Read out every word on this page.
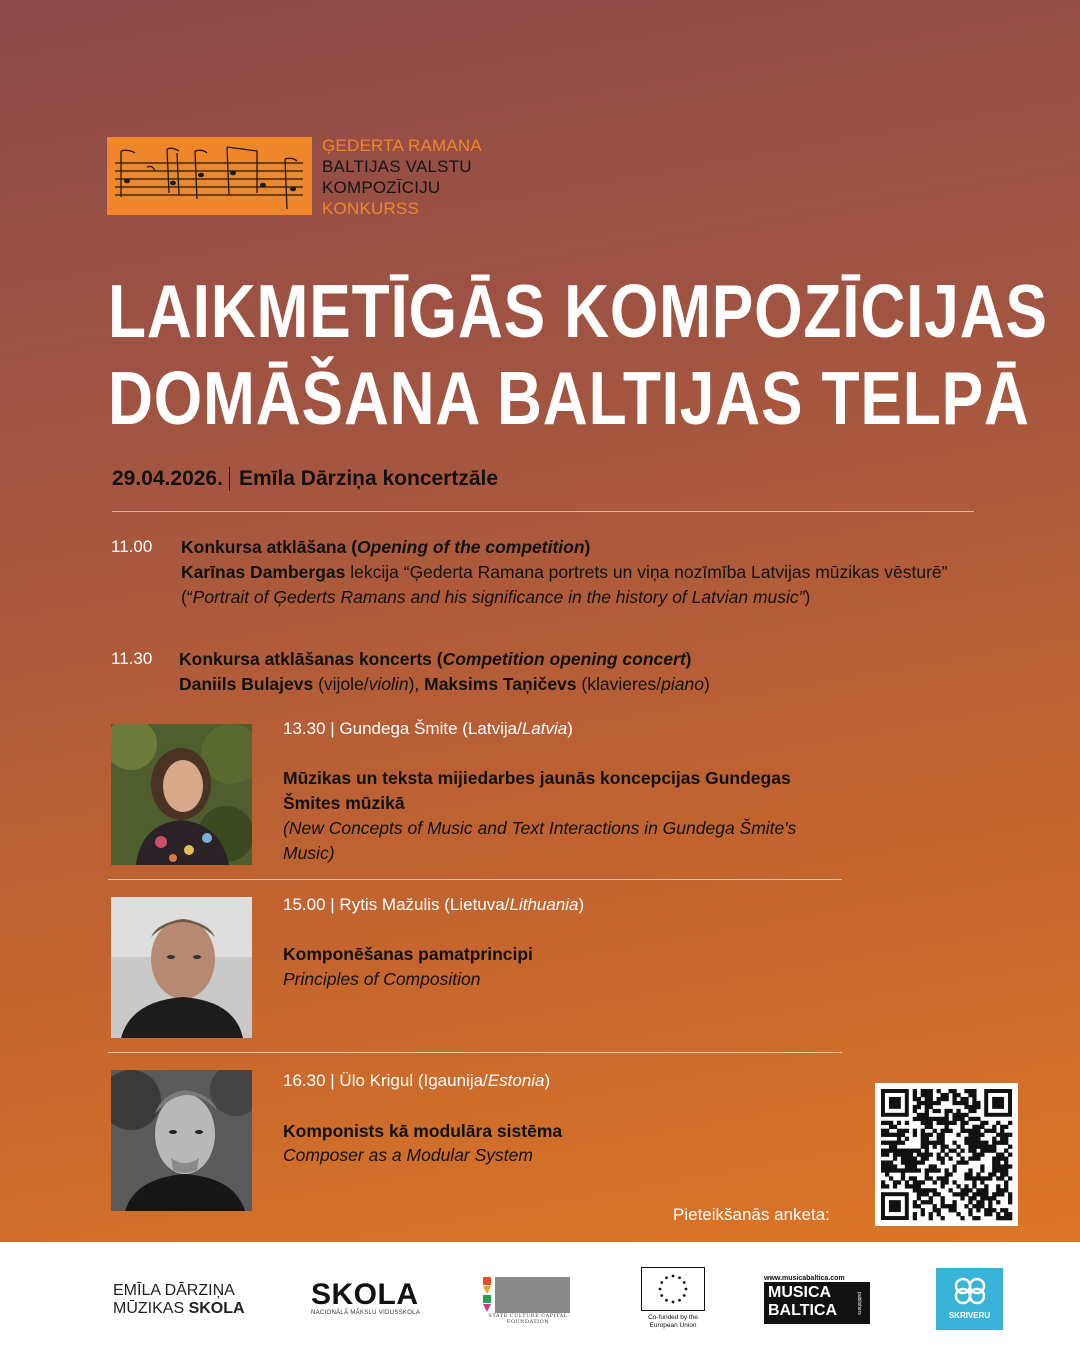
ĢEDERTA RAMANA
BALTIJAS VALSTU
KOMPOZĪCIJU
KONKURSS
LAIKMETĪGĀS KOMPOZĪCIJAS
DOMĀŠANA BALTIJAS TELPĀ
29.04.2026. Emīla Dārziņa koncertzāle
11.00 Konkursa atklāšana (Opening of the competition)
Karīnas Dambergas lekcija “Ģederta Ramana portrets un viņa nozīmība Latvijas mūzikas vēsturē” (“Portrait of Ģederts Ramans and his significance in the history of Latvian music”)
11.30 Konkursa atklāšanas koncerts (Competition opening concert)
Daniils Bulajevs (vijole/violin), Maksims Taņičevs (klavieres/piano)
13.30 | Gundega Šmite (Latvija/Latvia)
Mūzikas un teksta mijiedarbes jaunās koncepcijas Gundegas Šmites mūzikā
(New Concepts of Music and Text Interactions in Gundega Šmite's Music)
15.00 | Rytis Mažulis (Lietuva/Lithuania)
Komponēšanas pamatprincipi
Principles of Composition
16.30 | Ülo Krigul (Igaunija/Estonia)
Komponists kā modulāra sistēma
Composer as a Modular System
Pieteikšanās anketa:
EMĪLA DĀRZIŅA
MŪZIKAS SKOLA SKOLA
NACIONĀLĀ MĀKSLU VIDUSSKOLA	STATE CULTURE CAPITAL FOUNDATION
Co-funded by the European Union
www.musicabaltica.com
MUSICA
BALTICA	publishers
SKRIVERU
